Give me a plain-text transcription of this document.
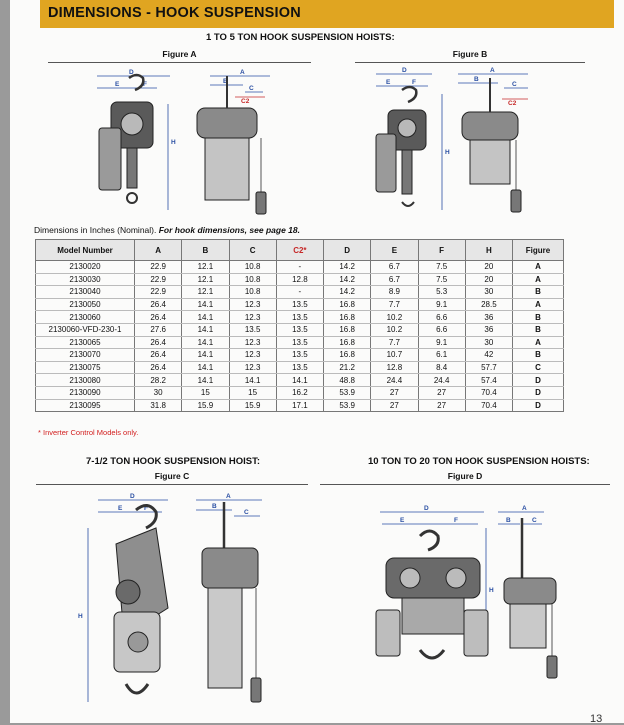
DIMENSIONS - HOOK SUSPENSION
1 TO 5 TON HOOK SUSPENSION HOISTS:
Figure A	Figure B
D
E	F
A
B
C
H
C2
D
E	F
A
B
C
H
C2
Dimensions in Inches (Nominal). For hook dimensions, see page 18.
Model Number	A	B	C	C2*	D	E	F	H	Figure
2130020	22.9	12.1	10.8	-	14.2	6.7	7.5	20	A
2130030	22.9	12.1	10.8	12.8	14.2	6.7	7.5	20	A
2130040	22.9	12.1	10.8	-	14.2	8.9	5.3	30	B
2130050	26.4	14.1	12.3	13.5	16.8	7.7	9.1	28.5	A
2130060	26.4	14.1	12.3	13.5	16.8	10.2	6.6	36	B
2130060-VFD-230-1	27.6	14.1	13.5	13.5	16.8	10.2	6.6	36	B
2130065	26.4	14.1	12.3	13.5	16.8	7.7	9.1	30	A
2130070	26.4	14.1	12.3	13.5	16.8	10.7	6.1	42	B
2130075	26.4	14.1	12.3	13.5	21.2	12.8	8.4	57.7	C
2130080	28.2	14.1	14.1	14.1	48.8	24.4	24.4	57.4	D
2130090	30	15	15	16.2	53.9	27	27	70.4	D
2130095	31.8	15.9	15.9	17.1	53.9	27	27	70.4	D
* Inverter Control Models only.
7-1/2 TON HOOK SUSPENSION HOIST:	10 TON TO 20 TON HOOK SUSPENSION HOISTS:
Figure C	Figure D
D
E	F
A
B
C
H
D
E	F
A
B	C
H
13
